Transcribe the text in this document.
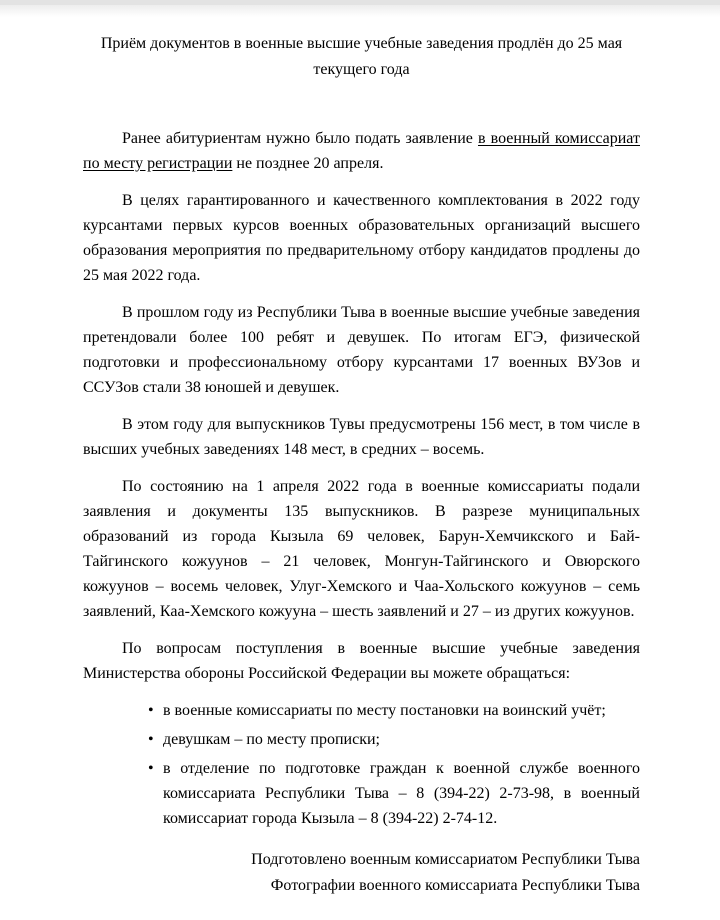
Приём документов в военные высшие учебные заведения продлён до 25 мая текущего года

Ранее абитуриентам нужно было подать заявление в военный комиссариат по месту регистрации не позднее 20 апреля.

В целях гарантированного и качественного комплектования в 2022 году курсантами первых курсов военных образовательных организаций высшего образования мероприятия по предварительному отбору кандидатов продлены до 25 мая 2022 года.

В прошлом году из Республики Тыва в военные высшие учебные заведения претендовали более 100 ребят и девушек. По итогам ЕГЭ, физической подготовки и профессиональному отбору курсантами 17 военных ВУЗов и ССУЗов стали 38 юношей и девушек.

В этом году для выпускников Тувы предусмотрены 156 мест, в том числе в высших учебных заведениях 148 мест, в средних – восемь.

По состоянию на 1 апреля 2022 года в военные комиссариаты подали заявления и документы 135 выпускников. В разрезе муниципальных образований из города Кызыла 69 человек, Барун-Хемчикского и Бай-Тайгинского кожуунов – 21 человек, Монгун-Тайгинского и Овюрского кожуунов – восемь человек, Улуг-Хемского и Чаа-Хольского кожуунов – семь заявлений, Каа-Хемского кожууна – шесть заявлений и 27 – из других кожуунов.

По вопросам поступления в военные высшие учебные заведения Министерства обороны Российской Федерации вы можете обращаться:

• в военные комиссариаты по месту постановки на воинский учёт;
• девушкам – по месту прописки;
• в отделение по подготовке граждан к военной службе военного комиссариата Республики Тыва – 8 (394-22) 2-73-98, в военный комиссариат города Кызыла – 8 (394-22) 2-74-12.
Подготовлено военным комиссариатом Республики Тыва
Фотографии военного комиссариата Республики Тыва
